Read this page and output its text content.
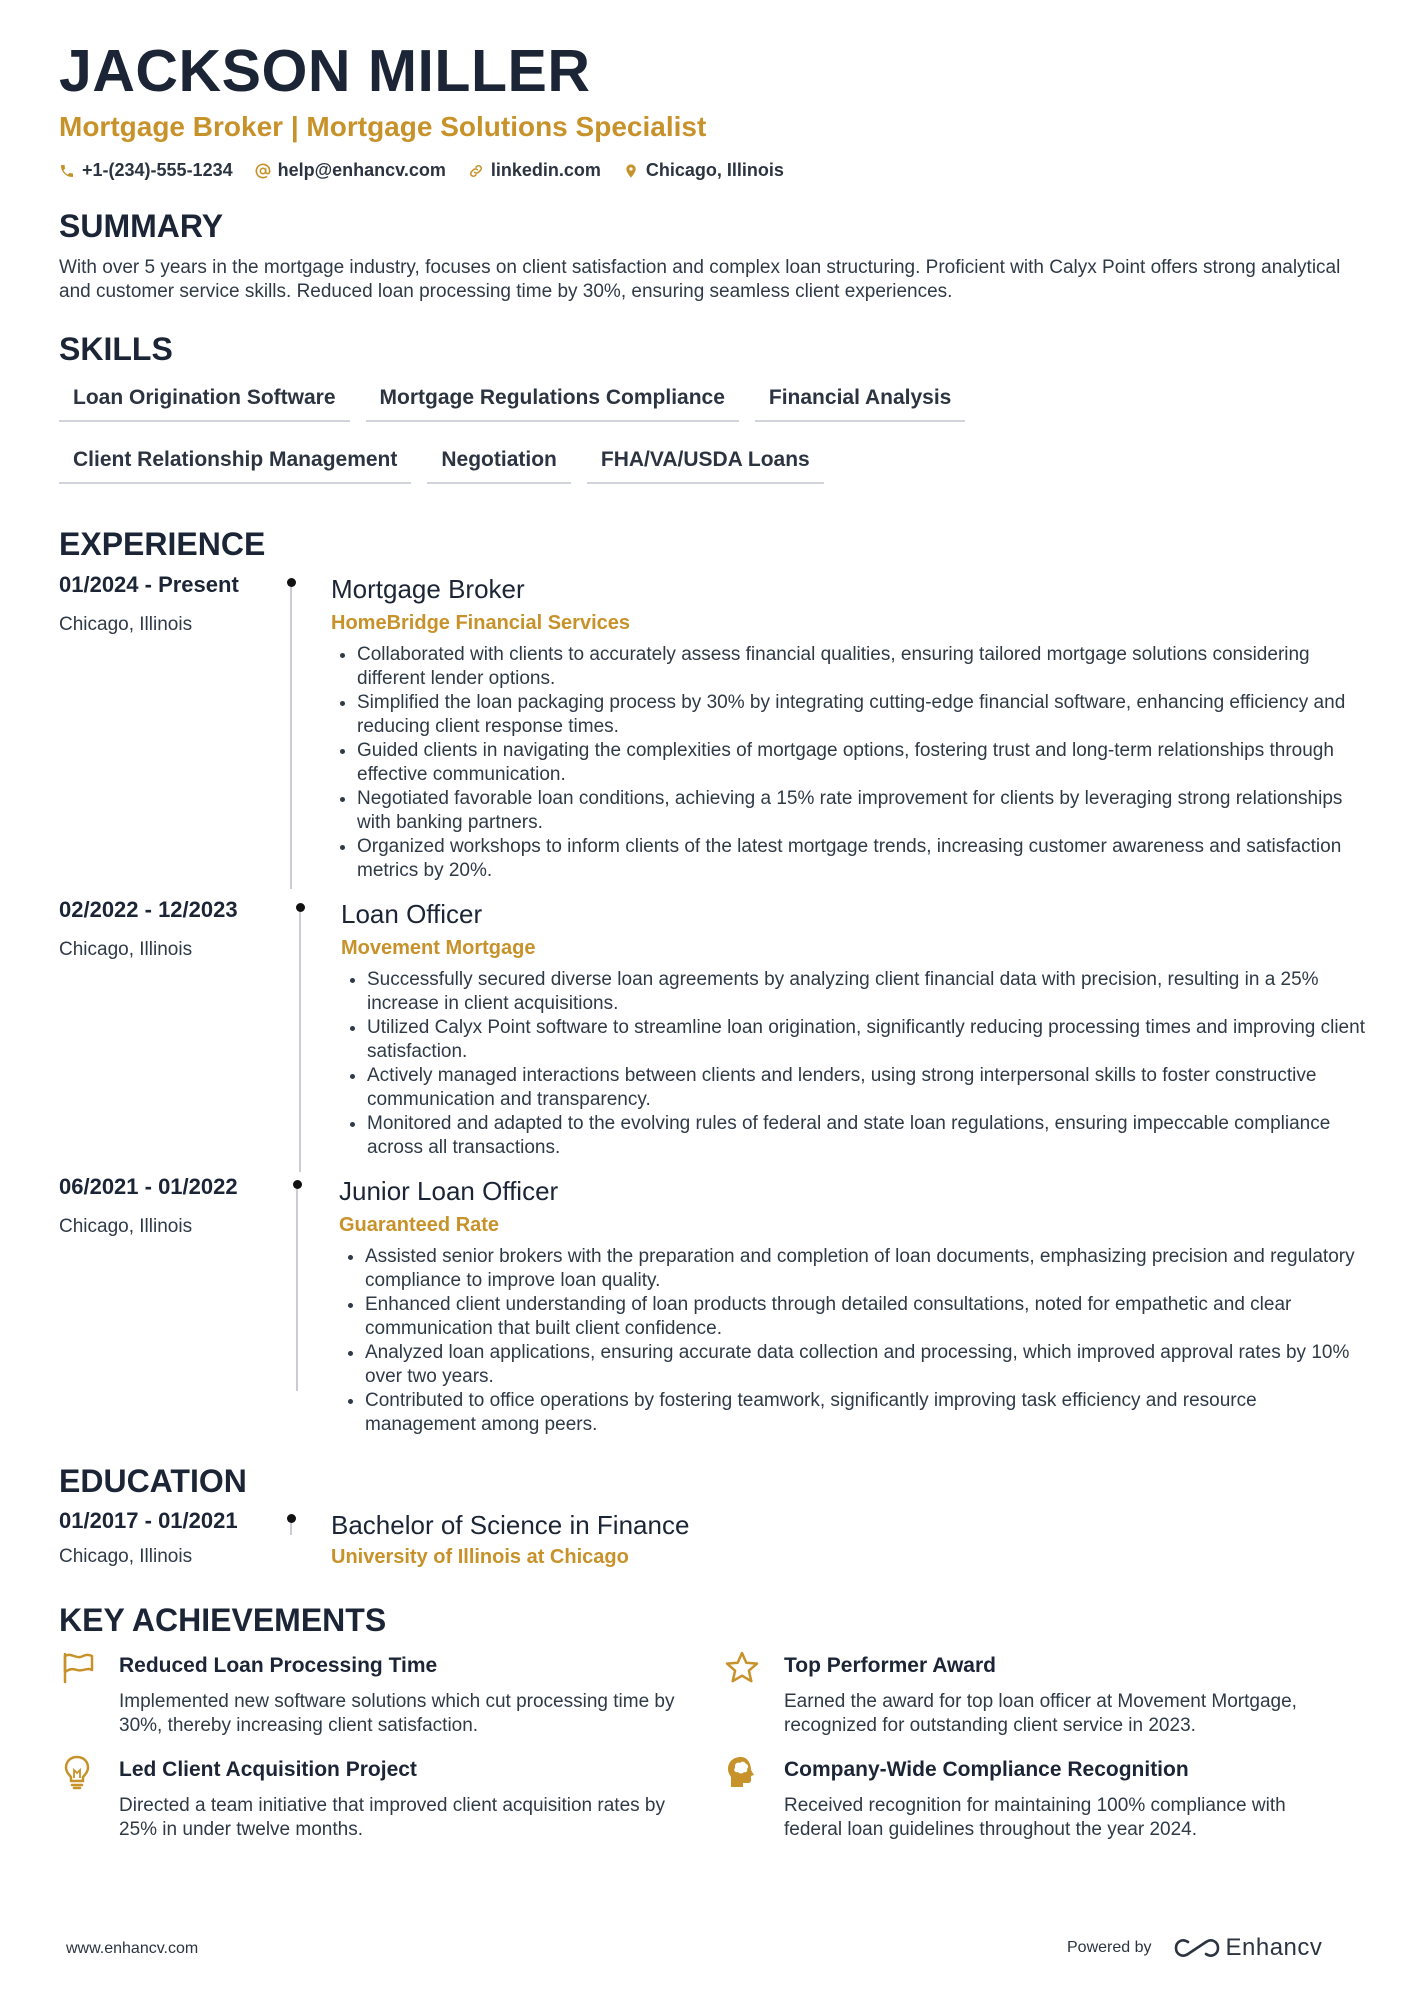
JACKSON MILLER
Mortgage Broker | Mortgage Solutions Specialist
+1-(234)-555-1234	help@enhancv.com	linkedin.com	Chicago, Illinois
SUMMARY
With over 5 years in the mortgage industry, focuses on client satisfaction and complex loan structuring. Proficient with Calyx Point offers strong analytical and customer service skills. Reduced loan processing time by 30%, ensuring seamless client experiences.
SKILLS
Loan Origination Software	Mortgage Regulations Compliance	Financial Analysis
Client Relationship Management	Negotiation	FHA/VA/USDA Loans
EXPERIENCE
01/2024 - Present
Chicago, Illinois
Mortgage Broker
HomeBridge Financial Services
• Collaborated with clients to accurately assess financial qualities, ensuring tailored mortgage solutions considering different lender options.
• Simplified the loan packaging process by 30% by integrating cutting-edge financial software, enhancing efficiency and reducing client response times.
• Guided clients in navigating the complexities of mortgage options, fostering trust and long-term relationships through effective communication.
• Negotiated favorable loan conditions, achieving a 15% rate improvement for clients by leveraging strong relationships with banking partners.
• Organized workshops to inform clients of the latest mortgage trends, increasing customer awareness and satisfaction metrics by 20%.
02/2022 - 12/2023
Chicago, Illinois
Loan Officer
Movement Mortgage
• Successfully secured diverse loan agreements by analyzing client financial data with precision, resulting in a 25% increase in client acquisitions.
• Utilized Calyx Point software to streamline loan origination, significantly reducing processing times and improving client satisfaction.
• Actively managed interactions between clients and lenders, using strong interpersonal skills to foster constructive communication and transparency.
• Monitored and adapted to the evolving rules of federal and state loan regulations, ensuring impeccable compliance across all transactions.
06/2021 - 01/2022
Chicago, Illinois
Junior Loan Officer
Guaranteed Rate
• Assisted senior brokers with the preparation and completion of loan documents, emphasizing precision and regulatory compliance to improve loan quality.
• Enhanced client understanding of loan products through detailed consultations, noted for empathetic and clear communication that built client confidence.
• Analyzed loan applications, ensuring accurate data collection and processing, which improved approval rates by 10% over two years.
• Contributed to office operations by fostering teamwork, significantly improving task efficiency and resource management among peers.
EDUCATION
01/2017 - 01/2021
Chicago, Illinois
Bachelor of Science in Finance
University of Illinois at Chicago
KEY ACHIEVEMENTS
Reduced Loan Processing Time
Implemented new software solutions which cut processing time by 30%, thereby increasing client satisfaction.
Top Performer Award
Earned the award for top loan officer at Movement Mortgage, recognized for outstanding client service in 2023.
Led Client Acquisition Project
Directed a team initiative that improved client acquisition rates by 25% in under twelve months.
Company-Wide Compliance Recognition
Received recognition for maintaining 100% compliance with federal loan guidelines throughout the year 2024.
www.enhancv.com	Powered by	Enhancv
